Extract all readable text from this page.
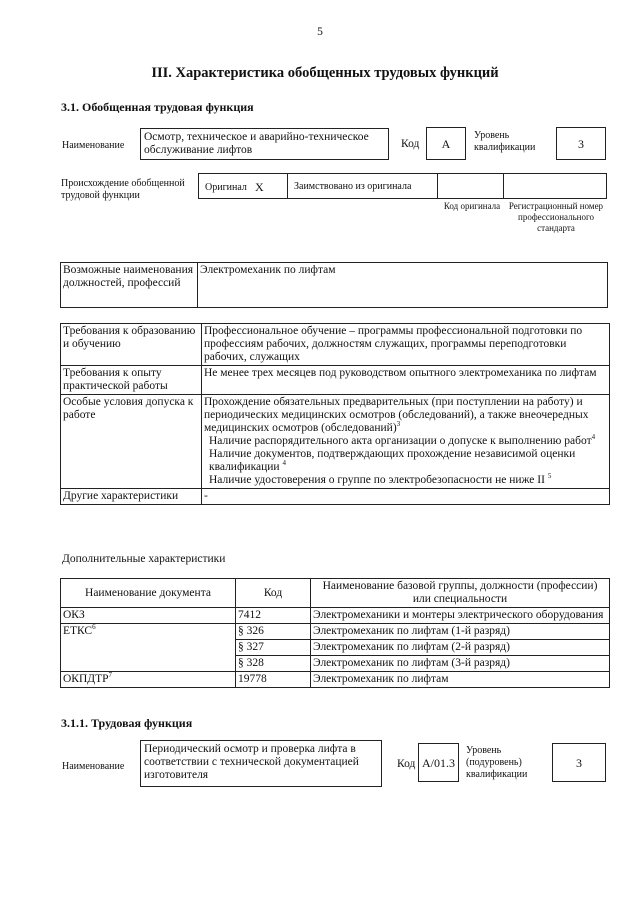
5
III. Характеристика обобщенных трудовых функций
3.1. Обобщенная трудовая функция
Наименование
Осмотр, техническое и аварийно-техническое обслуживание лифтов	Код	А
Уровень квалификации	3
Происхождение обобщенной трудовой функции
Оригинал X	Заимствовано из оригинала
Код оригинала Регистрационный номер профессионального стандарта
Возможные наименования должностей, профессий	Электромеханик по лифтам
Требования к образованию и обучению	Профессиональное обучение – программы профессиональной подготовки по профессиям рабочих, должностям служащих, программы переподготовки рабочих, служащих
Требования к опыту практической работы	Не менее трех месяцев под руководством опытного электромеханика по лифтам
Особые условия допуска к работе	Прохождение обязательных предварительных (при поступлении на работу) и периодических медицинских осмотров (обследований), а также внеочередных медицинских осмотров (обследований)$^3$
Наличие распорядительного акта организации о допуске к выполнению работ$^4$
Наличие документов, подтверждающих прохождение независимой оценки квалификации $^4$
Наличие удостоверения о группе по электробезопасности не ниже II $^5$

Другие характеристики	-
Дополнительные характеристики
Наименование документа	Код	Наименование базовой группы, должности (профессии) или специальности
ОКЗ	7412	Электромеханики и монтеры электрического оборудования
ЕТКС$^6$	§ 326	Электромеханик по лифтам (1-й разряд)
	§ 327	Электромеханик по лифтам (2-й разряд)
	§ 328	Электромеханик по лифтам (3-й разряд)
ОКПДТР$^7$	19778	Электромеханик по лифтам
3.1.1. Трудовая функция
Наименование
Периодический осмотр и проверка лифта в соответствии с технической документацией изготовителя
Код А/01.3
Уровень (подуровень) квалификации
3
